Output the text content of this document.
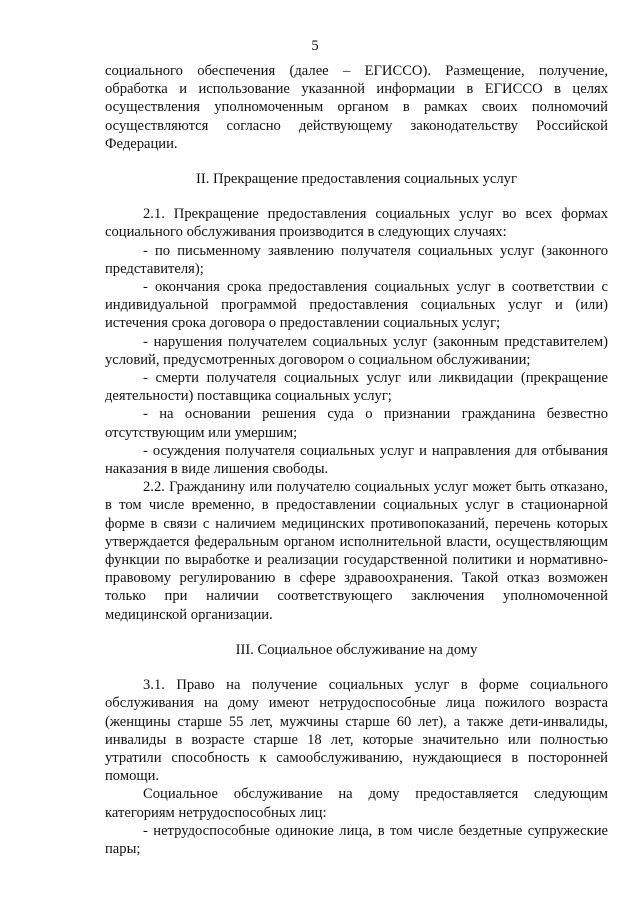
5

социального обеспечения (далее – ЕГИССО). Размещение, получение, обработка и использование указанной информации в ЕГИССО в целях осуществления уполномоченным органом в рамках своих полномочий осуществляются согласно действующему законодательству Российской Федерации.

II. Прекращение предоставления социальных услуг

2.1. Прекращение предоставления социальных услуг во всех формах социального обслуживания производится в следующих случаях:

- по письменному заявлению получателя социальных услуг (законного представителя);

- окончания срока предоставления социальных услуг в соответствии с индивидуальной программой предоставления социальных услуг и (или) истечения срока договора о предоставлении социальных услуг;

- нарушения получателем социальных услуг (законным представителем) условий, предусмотренных договором о социальном обслуживании;

- смерти получателя социальных услуг или ликвидации (прекращение деятельности) поставщика социальных услуг;

- на основании решения суда о признании гражданина безвестно отсутствующим или умершим;

- осуждения получателя социальных услуг и направления для отбывания наказания в виде лишения свободы.

2.2. Гражданину или получателю социальных услуг может быть отказано, в том числе временно, в предоставлении социальных услуг в стационарной форме в связи с наличием медицинских противопоказаний, перечень которых утверждается федеральным органом исполнительной власти, осуществляющим функции по выработке и реализации государственной политики и нормативно-правовому регулированию в сфере здравоохранения. Такой отказ возможен только при наличии соответствующего заключения уполномоченной медицинской организации.

III. Социальное обслуживание на дому

3.1. Право на получение социальных услуг в форме социального обслуживания на дому имеют нетрудоспособные лица пожилого возраста (женщины старше 55 лет, мужчины старше 60 лет), а также дети-инвалиды, инвалиды в возрасте старше 18 лет, которые значительно или полностью утратили способность к самообслуживанию, нуждающиеся в посторонней помощи.

Социальное обслуживание на дому предоставляется следующим категориям нетрудоспособных лиц:

- нетрудоспособные одинокие лица, в том числе бездетные супружеские пары;
